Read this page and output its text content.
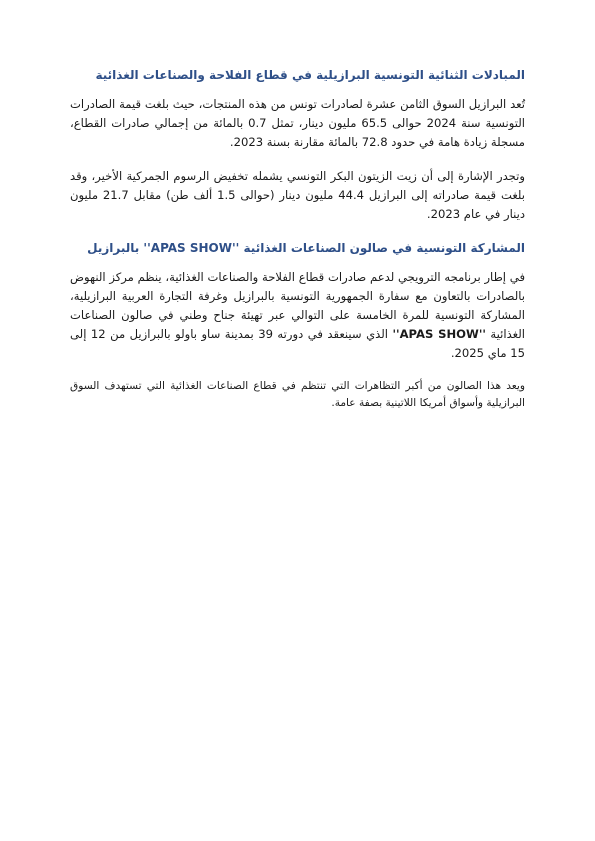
المبادلات الثنائية التونسية البرازيلية في قطاع الفلاحة والصناعات الغذائية

تُعد البرازيل السوق الثامن عشرة لصادرات تونس من هذه المنتجات، حيث بلغت قيمة الصادرات التونسية سنة 2024 حوالى 65.5 مليون دينار، تمثل 0.7 بالمائة من إجمالي صادرات القطاع، مسجلة زيادة هامة في حدود 72.8 بالمائة مقارنة بسنة 2023.

وتجدر الإشارة إلى أن زيت الزيتون البكر التونسي يشمله تخفيض الرسوم الجمركية الأخير، وقد بلغت قيمة صادراته إلى البرازيل 44.4 مليون دينار (حوالى 1.5 ألف طن) مقابل 21.7 مليون دينار في عام 2023.

المشاركة التونسية في صالون الصناعات الغذائية ''APAS SHOW'' بالبرازيل

في إطار برنامجه الترويجي لدعم صادرات قطاع الفلاحة والصناعات الغذائية، ينظم مركز النهوض بالصادرات بالتعاون مع سفارة الجمهورية التونسية بالبرازيل وغرفة التجارة العربية البرازيلية، المشاركة التونسية للمرة الخامسة على التوالي عبر تهيئة جناح وطني في صالون الصناعات الغذائية ''APAS SHOW'' الذي سينعقد في دورته 39 بمدينة ساو باولو بالبرازيل من 12 إلى 15 ماي 2025.

ويعد هذا الصالون من أكبر التظاهرات التي تنتظم في قطاع الصناعات الغذائية التي تستهدف السوق البرازيلية وأسواق أمريكا اللاتينية بصفة عامة.
